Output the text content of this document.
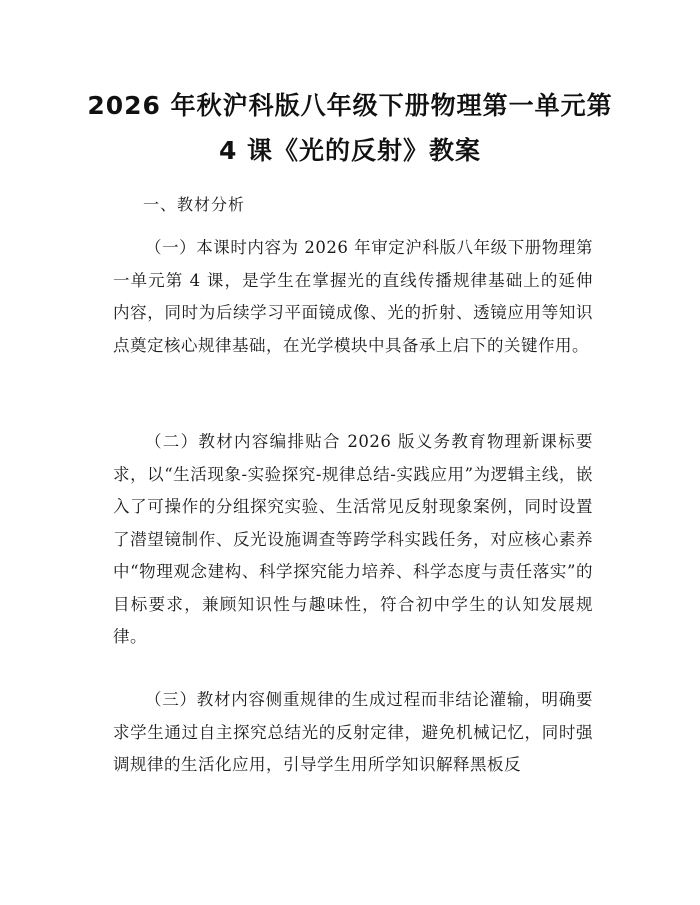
2026 年秋沪科版八年级下册物理第一单元第
4 课《光的反射》教案
一、教材分析
（一）本课时内容为 2026 年审定沪科版八年级下册物理第一单元第 4 课，是学生在掌握光的直线传播规律基础上的延伸内容，同时为后续学习平面镜成像、光的折射、透镜应用等知识点奠定核心规律基础，在光学模块中具备承上启下的关键作用。
（二）教材内容编排贴合 2026 版义务教育物理新课标要求，以“生活现象-实验探究-规律总结-实践应用”为逻辑主线，嵌入了可操作的分组探究实验、生活常见反射现象案例，同时设置了潜望镜制作、反光设施调查等跨学科实践任务，对应核心素养中“物理观念建构、科学探究能力培养、科学态度与责任落实”的目标要求，兼顾知识性与趣味性，符合初中学生的认知发展规律。
（三）教材内容侧重规律的生成过程而非结论灌输，明确要求学生通过自主探究总结光的反射定律，避免机械记忆，同时强调规律的生活化应用，引导学生用所学知识解释黑板反
